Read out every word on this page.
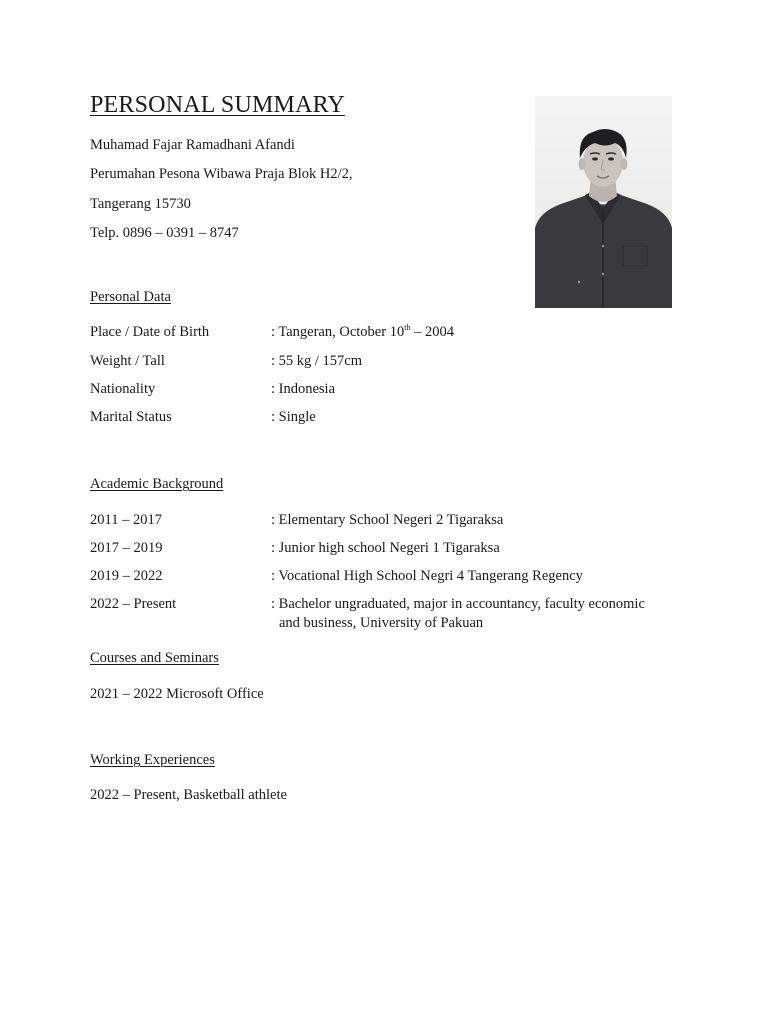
PERSONAL SUMMARY
Muhamad Fajar Ramadhani Afandi
Perumahan Pesona Wibawa Praja Blok H2/2,
Tangerang 15730
Telp. 0896 – 0391 – 8747
Personal Data
Place / Date of Birth	: Tangeran, October 10th – 2004
Weight / Tall	: 55 kg / 157cm
Nationality	: Indonesia
Marital Status	: Single
Academic Background
2011 – 2017	: Elementary School Negeri 2 Tigaraksa
2017 – 2019	: Junior high school Negeri 1 Tigaraksa
2019 – 2022	: Vocational High School Negri 4 Tangerang Regency
2022 – Present	: Bachelor ungraduated, major in accountancy, faculty economic
and business, University of Pakuan
Courses and Seminars
2021 – 2022 Microsoft Office
Working Experiences
2022 – Present, Basketball athlete
